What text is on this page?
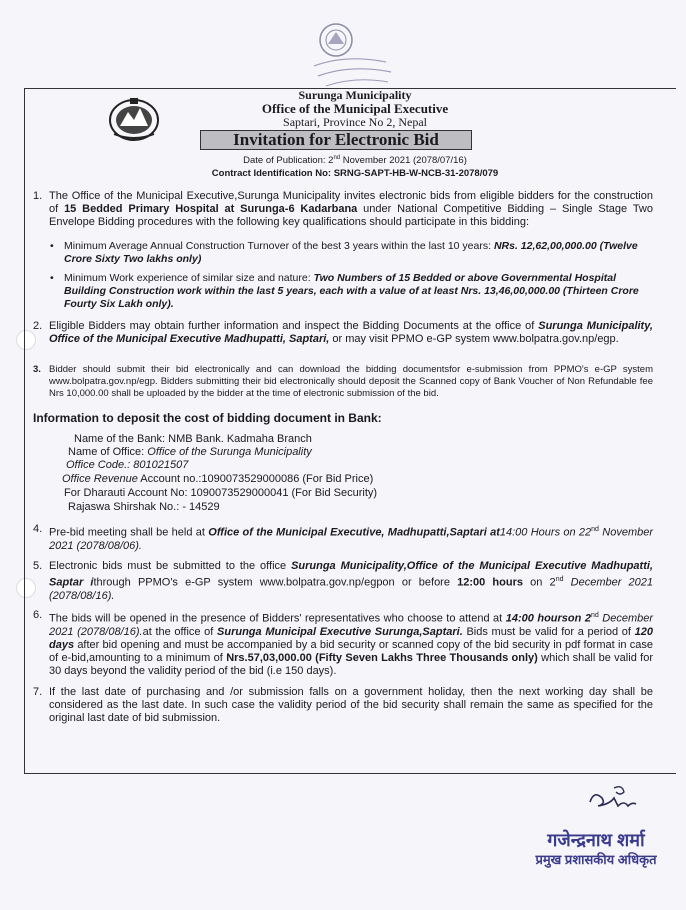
Surunga Municipality
Office of the Municipal Executive
Saptari, Province No 2, Nepal
Invitation for Electronic Bid
Date of Publication: 2nd November 2021 (2078/07/16)
Contract Identification No: SRNG-SAPT-HB-W-NCB-31-2078/079
1. The Office of the Municipal Executive,Surunga Municipality invites electronic bids from eligible bidders for the construction of 15 Bedded Primary Hospital at Surunga-6 Kadarbana under National Competitive Bidding – Single Stage Two Envelope Bidding procedures with the following key qualifications should participate in this bidding:
• Minimum Average Annual Construction Turnover of the best 3 years within the last 10 years: NRs. 12,62,00,000.00 (Twelve Crore Sixty Two lakhs only)
• Minimum Work experience of similar size and nature: Two Numbers of 15 Bedded or above Governmental Hospital Building Construction work within the last 5 years, each with a value of at least Nrs. 13,46,00,000.00 (Thirteen Crore Fourty Six Lakh only).
2. Eligible Bidders may obtain further information and inspect the Bidding Documents at the office of Surunga Municipality, Office of the Municipal Executive Madhupatti, Saptari, or may visit PPMO e-GP system www.bolpatra.gov.np/egp.
3. Bidder should submit their bid electronically and can download the bidding documentsfor e-submission from PPMO's e-GP system www.bolpatra.gov.np/egp. Bidders submitting their bid electronically should deposit the Scanned copy of Bank Voucher of Non Refundable fee Nrs 10,000.00 shall be uploaded by the bidder at the time of electronic submission of the bid.
Information to deposit the cost of bidding document in Bank:
Name of the Bank: NMB Bank. Kadmaha Branch
Name of Office: Office of the Surunga Municipality
Office Code.: 801021507
Office Revenue Account no.:1090073529000086 (For Bid Price)
For Dharauti Account No: 1090073529000041 (For Bid Security)
Rajaswa Shirshak No.: - 14529
4. Pre-bid meeting shall be held at Office of the Municipal Executive, Madhupatti,Saptari at14:00 Hours on 22nd November 2021 (2078/08/06).
5. Electronic bids must be submitted to the office Surunga Municipality,Office of the Municipal Executive Madhupatti, Saptar ithrough PPMO's e-GP system www.bolpatra.gov.np/egpon or before 12:00 hours on 2nd December 2021 (2078/08/16).
6. The bids will be opened in the presence of Bidders' representatives who choose to attend at 14:00 hourson 2nd December 2021 (2078/08/16).at the office of Surunga Municipal Executive Surunga,Saptari. Bids must be valid for a period of 120 days after bid opening and must be accompanied by a bid security or scanned copy of the bid security in pdf format in case of e-bid,amounting to a minimum of Nrs.57,03,000.00 (Fifty Seven Lakhs Three Thousands only) which shall be valid for 30 days beyond the validity period of the bid (i.e 150 days).
7. If the last date of purchasing and /or submission falls on a government holiday, then the next working day shall be considered as the last date. In such case the validity period of the bid security shall remain the same as specified for the original last date of bid submission.
गजेन्द्रनाथ शर्मा
प्रमुख प्रशासकीय अधिकृत
